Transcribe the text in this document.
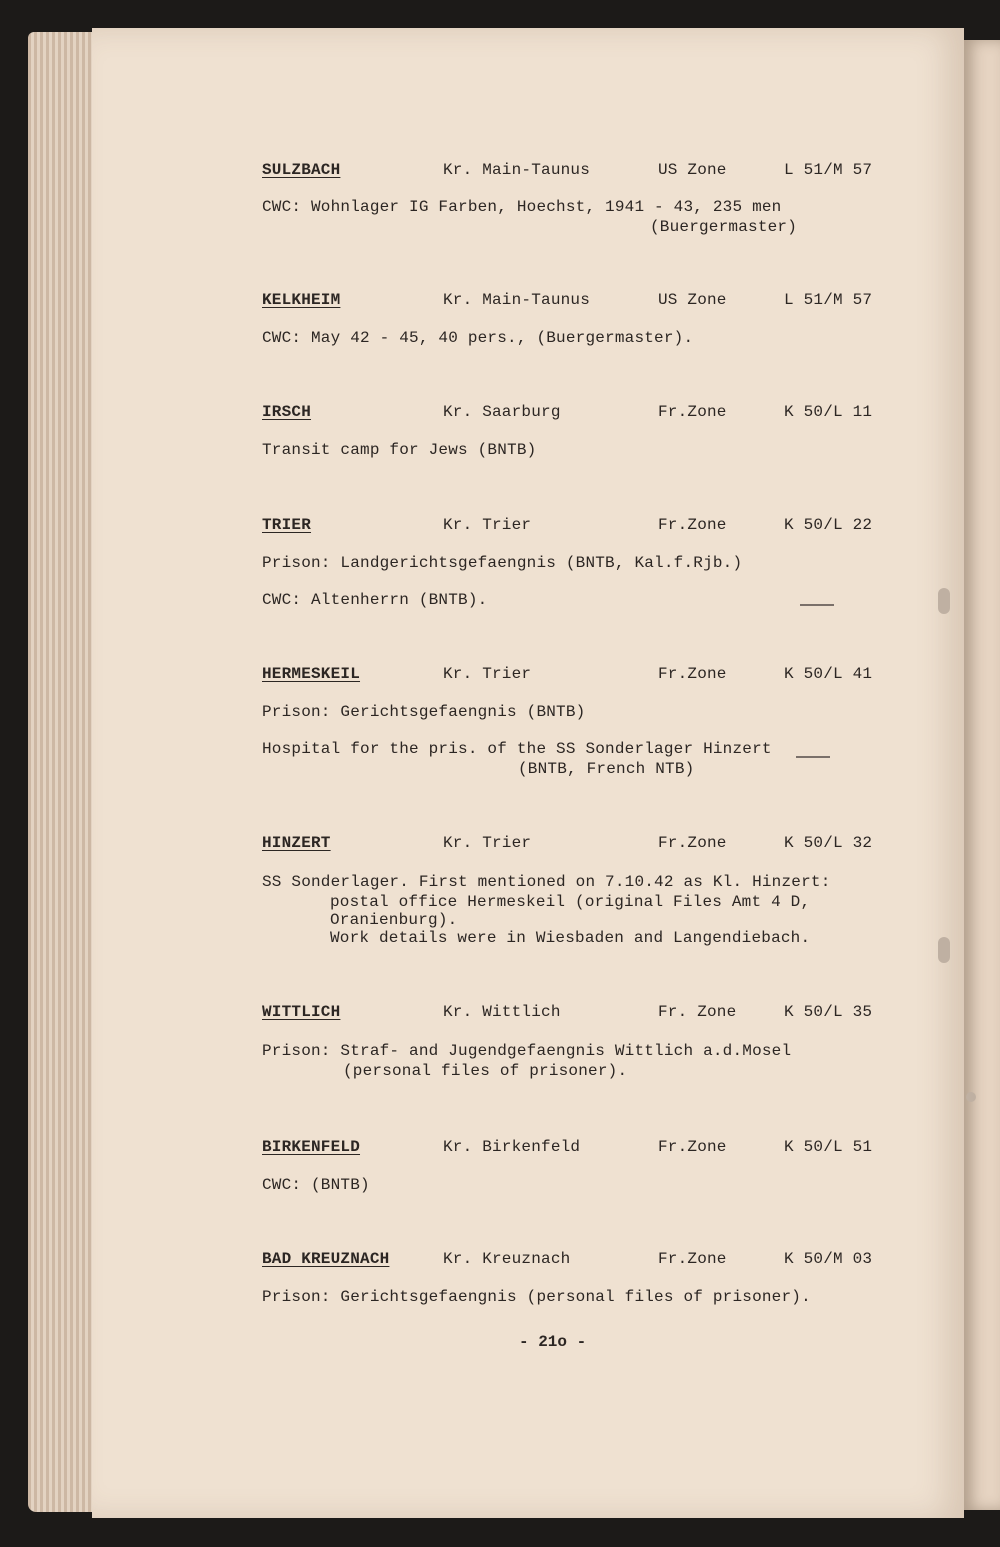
SULZBACH	Kr. Main-Taunus	US Zone	L 51/M 57
CWC: Wohnlager IG Farben, Hoechst, 1941 - 43, 235 men
(Buergermaster)
KELKHEIM	Kr. Main-Taunus	US Zone	L 51/M 57
CWC: May 42 - 45, 40 pers., (Buergermaster).
IRSCH	Kr. Saarburg	Fr.Zone	K 50/L 11
Transit camp for Jews (BNTB)
TRIER	Kr. Trier	Fr.Zone	K 50/L 22
Prison: Landgerichtsgefaengnis (BNTB, Kal.f.Rjb.)
CWC: Altenherrn (BNTB).
HERMESKEIL	Kr. Trier	Fr.Zone	K 50/L 41
Prison: Gerichtsgefaengnis (BNTB)
Hospital for the pris. of the SS Sonderlager Hinzert
(BNTB, French NTB)
HINZERT	Kr. Trier	Fr.Zone	K 50/L 32
SS Sonderlager. First mentioned on 7.10.42 as Kl. Hinzert:
postal office Hermeskeil (original Files Amt 4 D,
Oranienburg).
Work details were in Wiesbaden and Langendiebach.
WITTLICH	Kr. Wittlich	Fr. Zone	K 50/L 35
Prison: Straf- and Jugendgefaengnis Wittlich a.d.Mosel
(personal files of prisoner).
BIRKENFELD	Kr. Birkenfeld	Fr.Zone	K 50/L 51
CWC: (BNTB)
BAD KREUZNACH	Kr. Kreuznach	Fr.Zone	K 50/M 03
Prison: Gerichtsgefaengnis (personal files of prisoner).
- 21o -
